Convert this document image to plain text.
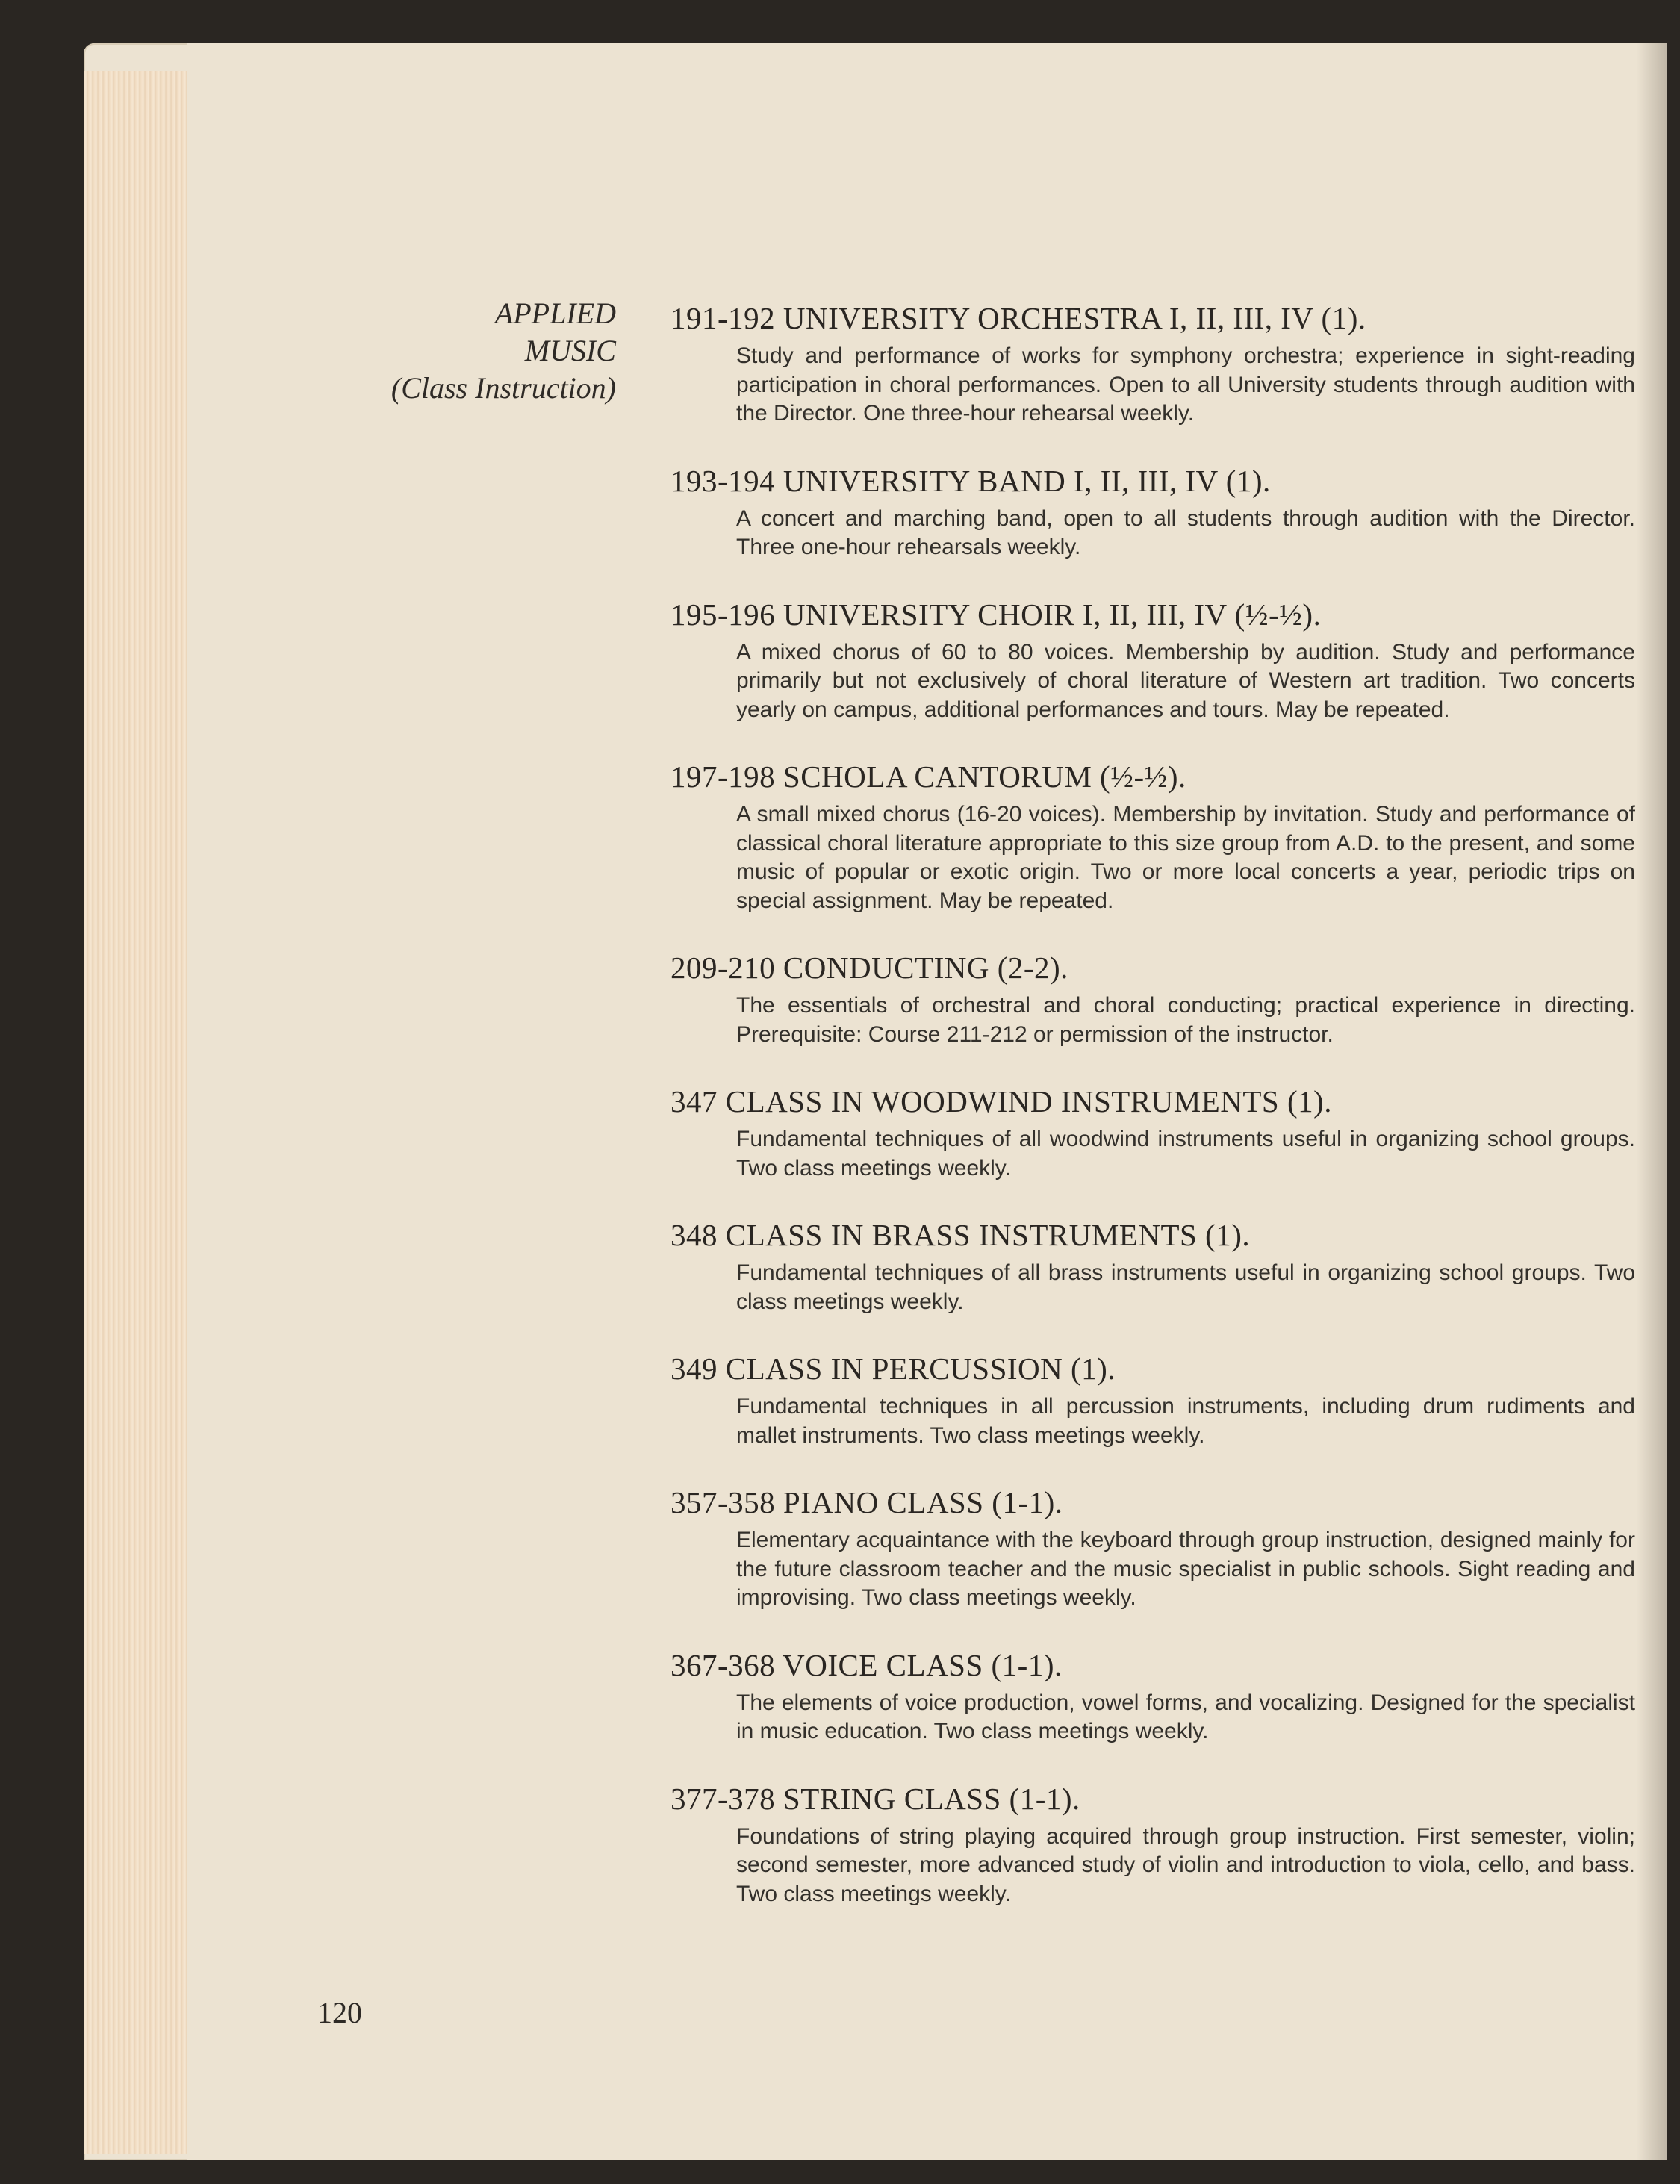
APPLIED
MUSIC
(Class Instruction)
191-192 UNIVERSITY ORCHESTRA I, II, III, IV (1).
Study and performance of works for symphony orchestra; experience in sight-reading participation in choral performances. Open to all University students through audition with the Director. One three-hour rehearsal weekly.
193-194 UNIVERSITY BAND I, II, III, IV (1).
A concert and marching band, open to all students through audition with the Director. Three one-hour rehearsals weekly.
195-196 UNIVERSITY CHOIR I, II, III, IV (½-½).
A mixed chorus of 60 to 80 voices. Membership by audition. Study and performance primarily but not exclusively of choral literature of Western art tradition. Two concerts yearly on campus, additional performances and tours. May be repeated.
197-198 SCHOLA CANTORUM (½-½).
A small mixed chorus (16-20 voices). Membership by invitation. Study and performance of classical choral literature appropriate to this size group from A.D. to the present, and some music of popular or exotic origin. Two or more local concerts a year, periodic trips on special assignment. May be repeated.
209-210 CONDUCTING (2-2).
The essentials of orchestral and choral conducting; practical experience in directing. Prerequisite: Course 211-212 or permission of the instructor.
347 CLASS IN WOODWIND INSTRUMENTS (1).
Fundamental techniques of all woodwind instruments useful in organizing school groups. Two class meetings weekly.
348 CLASS IN BRASS INSTRUMENTS (1).
Fundamental techniques of all brass instruments useful in organizing school groups. Two class meetings weekly.
349 CLASS IN PERCUSSION (1).
Fundamental techniques in all percussion instruments, including drum rudiments and mallet instruments. Two class meetings weekly.
357-358 PIANO CLASS (1-1).
Elementary acquaintance with the keyboard through group instruction, designed mainly for the future classroom teacher and the music specialist in public schools. Sight reading and improvising. Two class meetings weekly.
367-368 VOICE CLASS (1-1).
The elements of voice production, vowel forms, and vocalizing. Designed for the specialist in music education. Two class meetings weekly.
377-378 STRING CLASS (1-1).
Foundations of string playing acquired through group instruction. First semester, violin; second semester, more advanced study of violin and introduction to viola, cello, and bass. Two class meetings weekly.
120
